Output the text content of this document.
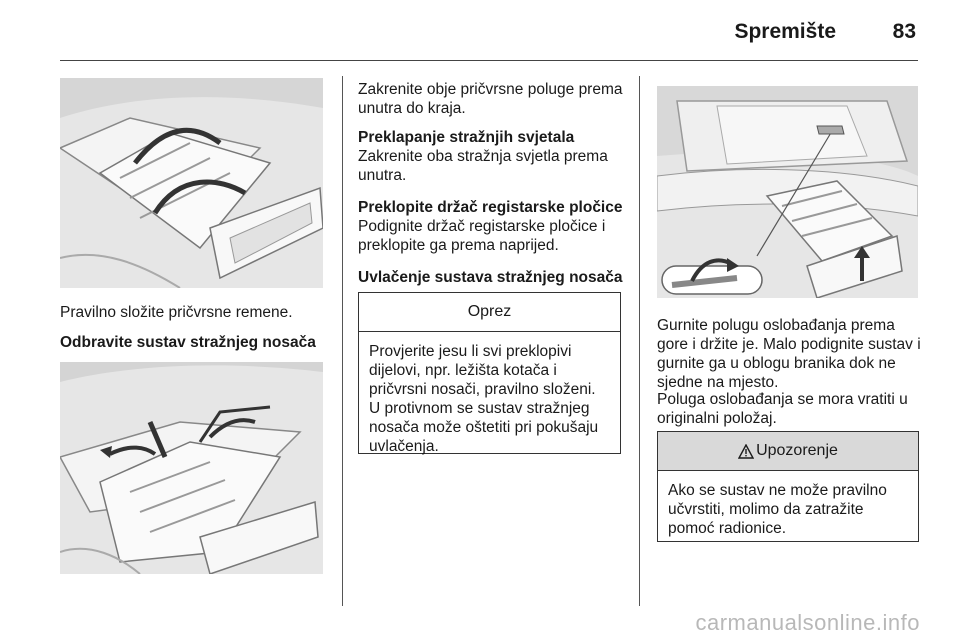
Spremište	83

Pravilno složite pričvrsne remene.

Odbravite sustav stražnjeg nosača

Zakrenite obje pričvrsne poluge prema unutra do kraja.

Preklapanje stražnjih svjetala

Zakrenite oba stražnja svjetla prema unutra.

Preklopite držač registarske pločice

Podignite držač registarske pločice i preklopite ga prema naprijed.

Uvlačenje sustava stražnjeg nosača

Oprez
Provjerite jesu li svi preklopivi dijelovi, npr. ležišta kotača i pričvrsni nosači, pravilno složeni. U protivnom se sustav stražnjeg nosača može oštetiti pri pokušaju uvlačenja.

Gurnite polugu oslobađanja prema gore i držite je. Malo podignite sustav i gurnite ga u oblogu branika dok ne sjedne na mjesto.

Poluga oslobađanja se mora vratiti u originalni položaj.

Upozorenje
Ako se sustav ne može pravilno učvrstiti, molimo da zatražite pomoć radionice.
carmanualsonline.info
